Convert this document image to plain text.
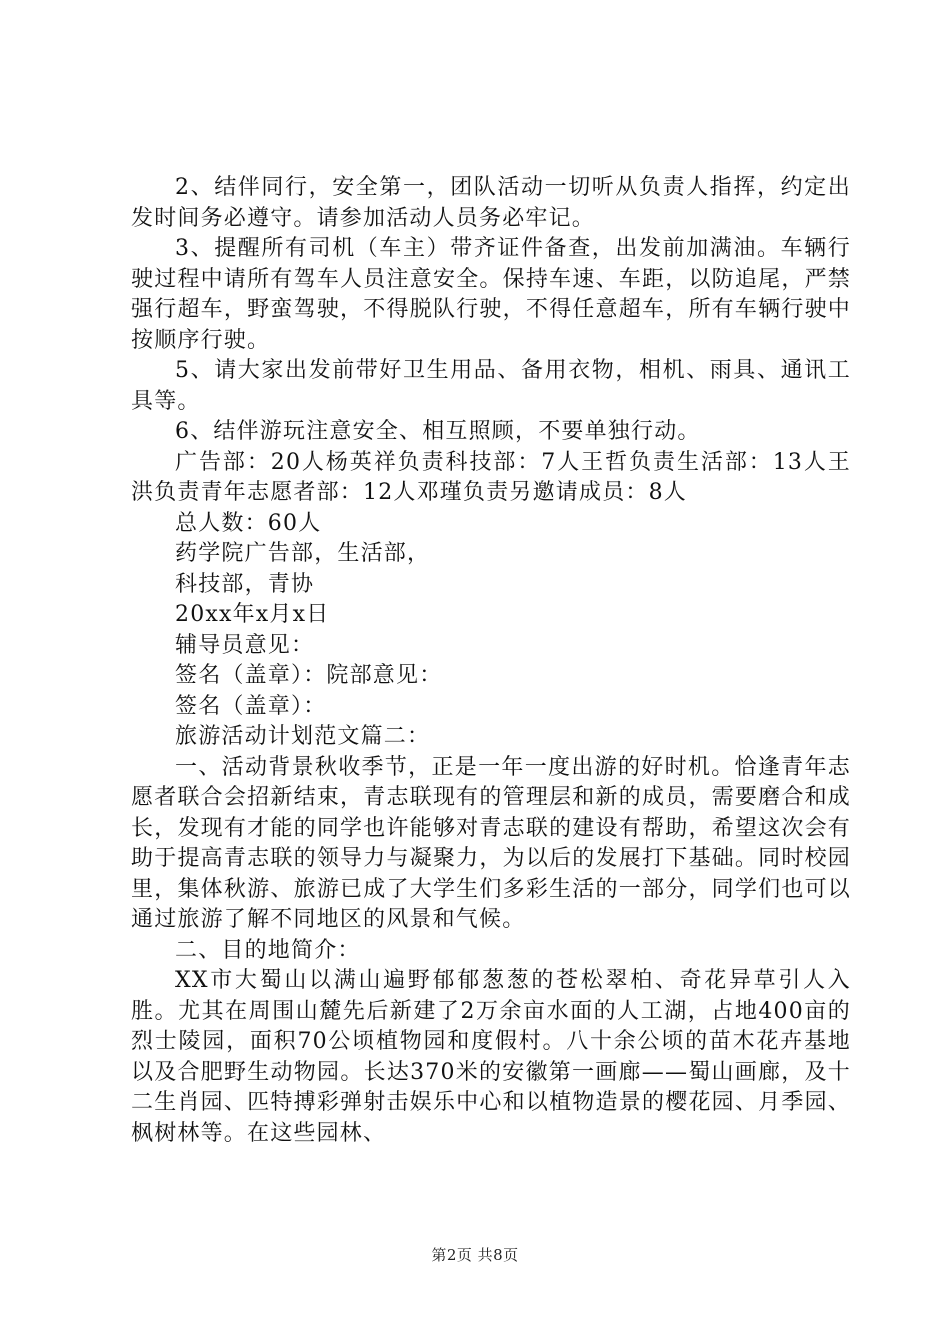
2、结伴同行，安全第一，团队活动一切听从负责人指挥，约定出发时间务必遵守。请参加活动人员务必牢记。

3、提醒所有司机（车主）带齐证件备查，出发前加满油。车辆行驶过程中请所有驾车人员注意安全。保持车速、车距，以防追尾，严禁强行超车，野蛮驾驶，不得脱队行驶，不得任意超车，所有车辆行驶中按顺序行驶。

5、请大家出发前带好卫生用品、备用衣物，相机、雨具、通讯工具等。

6、结伴游玩注意安全、相互照顾，不要单独行动。

广告部：20人杨英祥负责科技部：7人王哲负责生活部：13人王洪负责青年志愿者部：12人邓瑾负责另邀请成员：8人

总人数：60人

药学院广告部，生活部，

科技部，青协

20xx年x月x日

辅导员意见：

签名（盖章）：院部意见：

签名（盖章）：

旅游活动计划范文篇二：

一、活动背景秋收季节，正是一年一度出游的好时机。恰逢青年志愿者联合会招新结束，青志联现有的管理层和新的成员，需要磨合和成长，发现有才能的同学也许能够对青志联的建设有帮助，希望这次会有助于提高青志联的领导力与凝聚力，为以后的发展打下基础。同时校园里，集体秋游、旅游已成了大学生们多彩生活的一部分，同学们也可以通过旅游了解不同地区的风景和气候。

二、目的地简介：

XX市大蜀山以满山遍野郁郁葱葱的苍松翠柏、奇花异草引人入胜。尤其在周围山麓先后新建了2万余亩水面的人工湖，占地400亩的烈士陵园，面积70公顷植物园和度假村。八十余公顷的苗木花卉基地以及合肥野生动物园。长达370米的安徽第一画廊——蜀山画廊，及十二生肖园、匹特搏彩弹射击娱乐中心和以植物造景的樱花园、月季园、枫树林等。在这些园林、

第2页 共8页
